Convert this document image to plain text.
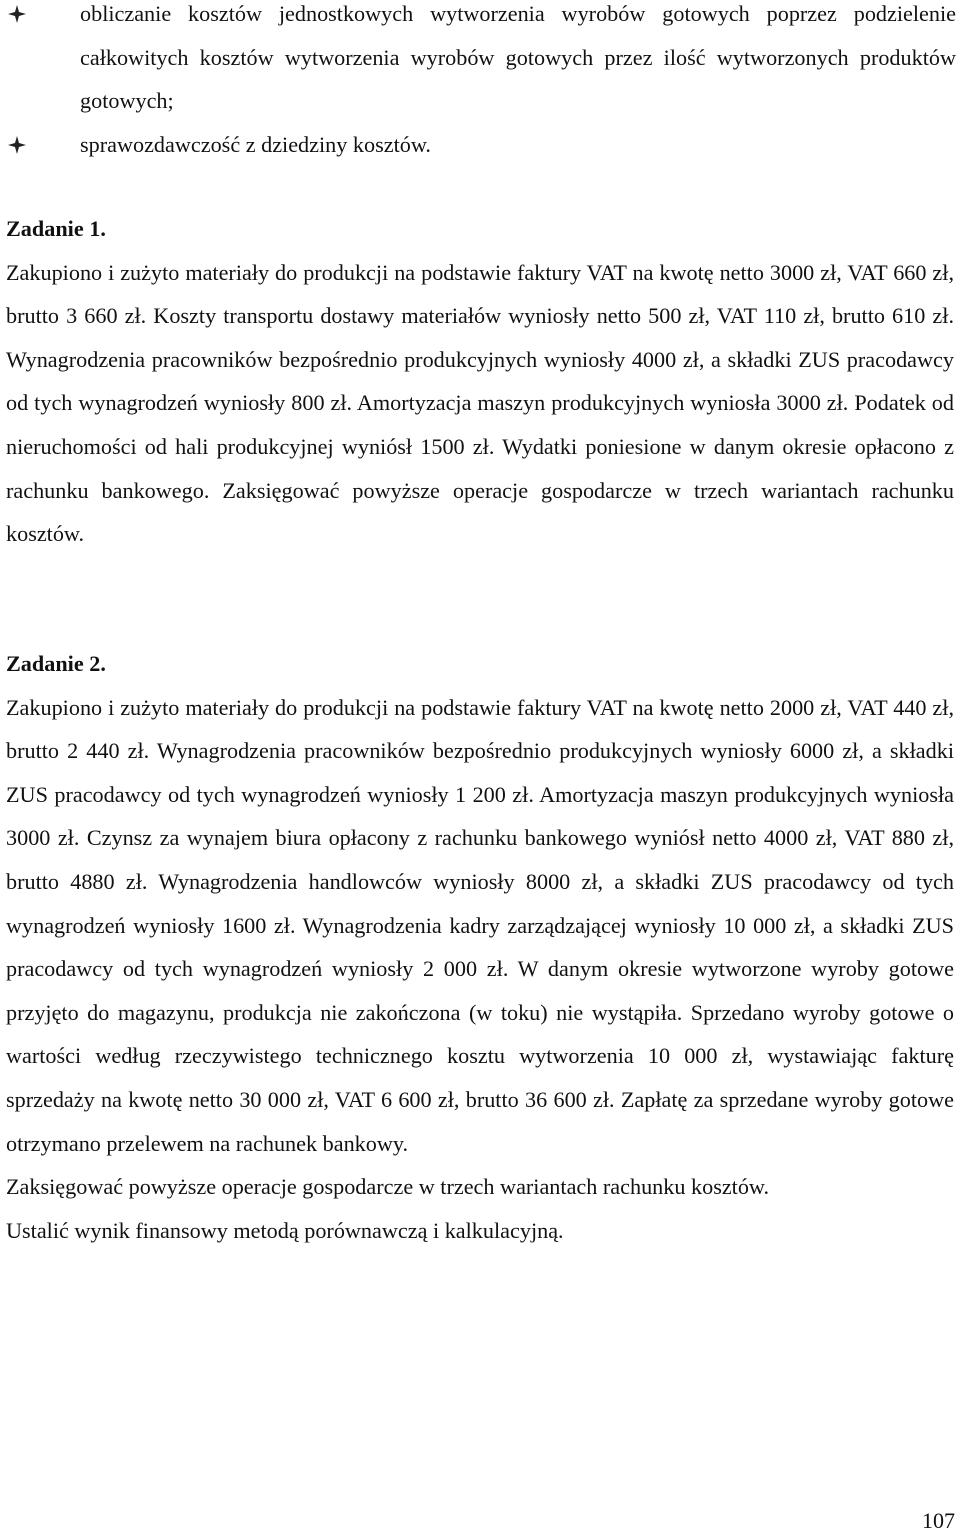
obliczanie kosztów jednostkowych wytworzenia wyrobów gotowych poprzez podzielenie całkowitych kosztów wytworzenia wyrobów gotowych przez ilość wytworzonych produktów gotowych;
sprawozdawczość z dziedziny kosztów.
Zadanie 1.

Zakupiono i zużyto materiały do produkcji na podstawie faktury VAT na kwotę netto 3000 zł, VAT 660 zł, brutto 3 660 zł. Koszty transportu dostawy materiałów wyniosły netto 500 zł, VAT 110 zł, brutto 610 zł. Wynagrodzenia pracowników bezpośrednio produkcyjnych wyniosły 4000 zł, a składki ZUS pracodawcy od tych wynagrodzeń wyniosły 800 zł. Amortyzacja maszyn produkcyjnych wyniosła 3000 zł. Podatek od nieruchomości od hali produkcyjnej wyniósł 1500 zł. Wydatki poniesione w danym okresie opłacono z rachunku bankowego. Zaksięgować powyższe operacje gospodarcze w trzech wariantach rachunku kosztów.

Zadanie 2.

Zakupiono i zużyto materiały do produkcji na podstawie faktury VAT na kwotę netto 2000 zł, VAT 440 zł, brutto 2 440 zł. Wynagrodzenia pracowników bezpośrednio produkcyjnych wyniosły 6000 zł, a składki ZUS pracodawcy od tych wynagrodzeń wyniosły 1 200 zł. Amortyzacja maszyn produkcyjnych wyniosła 3000 zł. Czynsz za wynajem biura opłacony z rachunku bankowego wyniósł netto 4000 zł, VAT 880 zł, brutto 4880 zł. Wynagrodzenia handlowców wyniosły 8000 zł, a składki ZUS pracodawcy od tych wynagrodzeń wyniosły 1600 zł. Wynagrodzenia kadry zarządzającej wyniosły 10 000 zł, a składki ZUS pracodawcy od tych wynagrodzeń wyniosły 2 000 zł. W danym okresie wytworzone wyroby gotowe przyjęto do magazynu, produkcja nie zakończona (w toku) nie wystąpiła. Sprzedano wyroby gotowe o wartości według rzeczywistego technicznego kosztu wytworzenia 10 000 zł, wystawiając fakturę sprzedaży na kwotę netto 30 000 zł, VAT 6 600 zł, brutto 36 600 zł. Zapłatę za sprzedane wyroby gotowe otrzymano przelewem na rachunek bankowy.

Zaksięgować powyższe operacje gospodarcze w trzech wariantach rachunku kosztów.

Ustalić wynik finansowy metodą porównawczą i kalkulacyjną.

107
